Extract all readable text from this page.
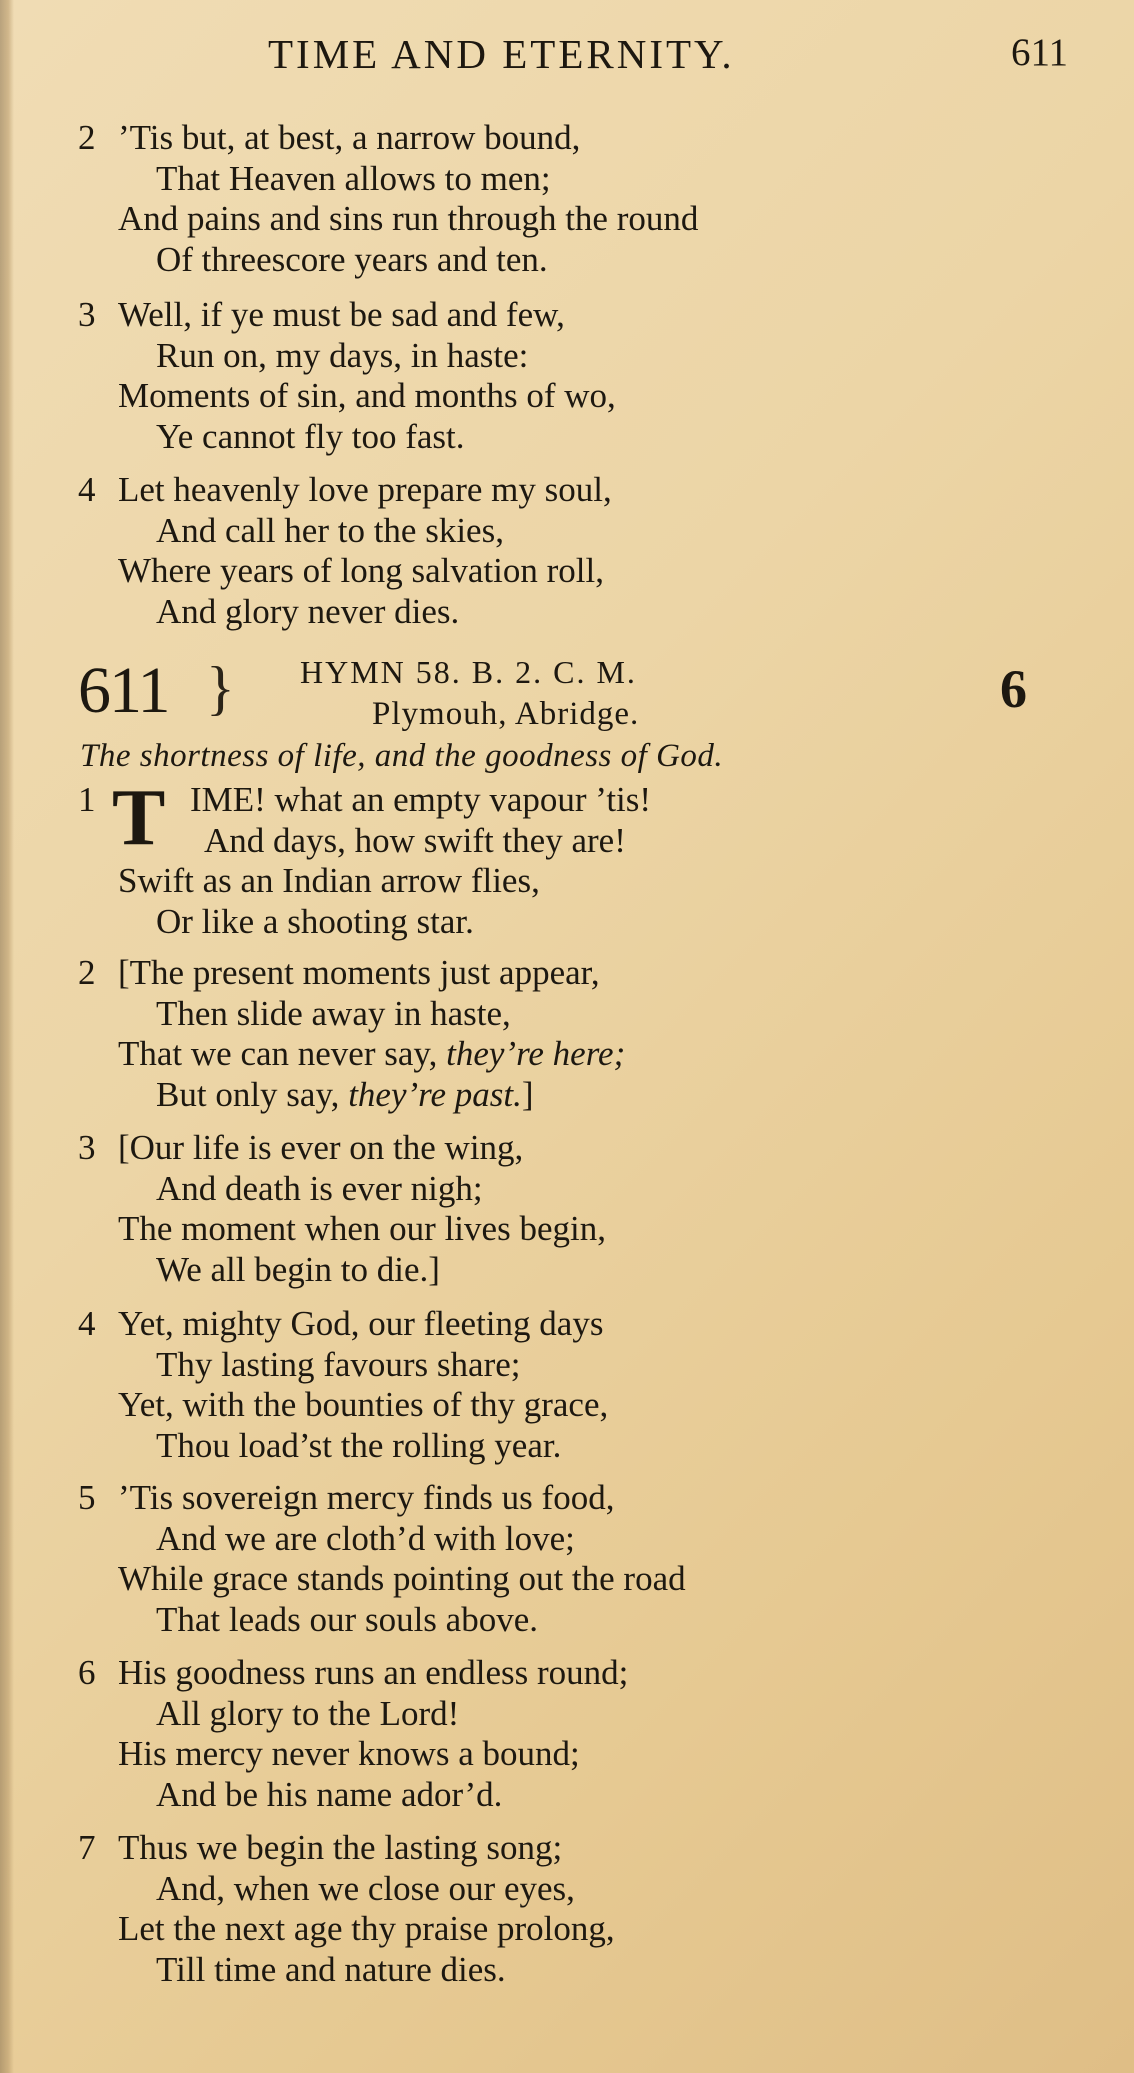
TIME AND ETERNITY.	611
2 ’Tis but, at best, a narrow bound,
That Heaven allows to men;
And pains and sins run through the round
Of threescore years and ten.
3 Well, if ye must be sad and few,
Run on, my days, in haste:
Moments of sin, and months of wo,
Ye cannot fly too fast.
4 Let heavenly love prepare my soul,
And call her to the skies,
Where years of long salvation roll,
And glory never dies.
611 } HYMN 58. B. 2. C. M.
Plymouh, Abridge.	6
The shortness of life, and the goodness of God.
T
1	IME! what an empty vapour ’tis!
And days, how swift they are!
Swift as an Indian arrow flies,
Or like a shooting star.
2 [The present moments just appear,
Then slide away in haste,
That we can never say, they’re here;
But only say, they’re past.]
3 [Our life is ever on the wing,
And death is ever nigh;
The moment when our lives begin,
We all begin to die.]
4 Yet, mighty God, our fleeting days
Thy lasting favours share;
Yet, with the bounties of thy grace,
Thou load’st the rolling year.
5 ’Tis sovereign mercy finds us food,
And we are cloth’d with love;
While grace stands pointing out the road
That leads our souls above.
6 His goodness runs an endless round;
All glory to the Lord!
His mercy never knows a bound;
And be his name ador’d.
7 Thus we begin the lasting song;
And, when we close our eyes,
Let the next age thy praise prolong,
Till time and nature dies.
